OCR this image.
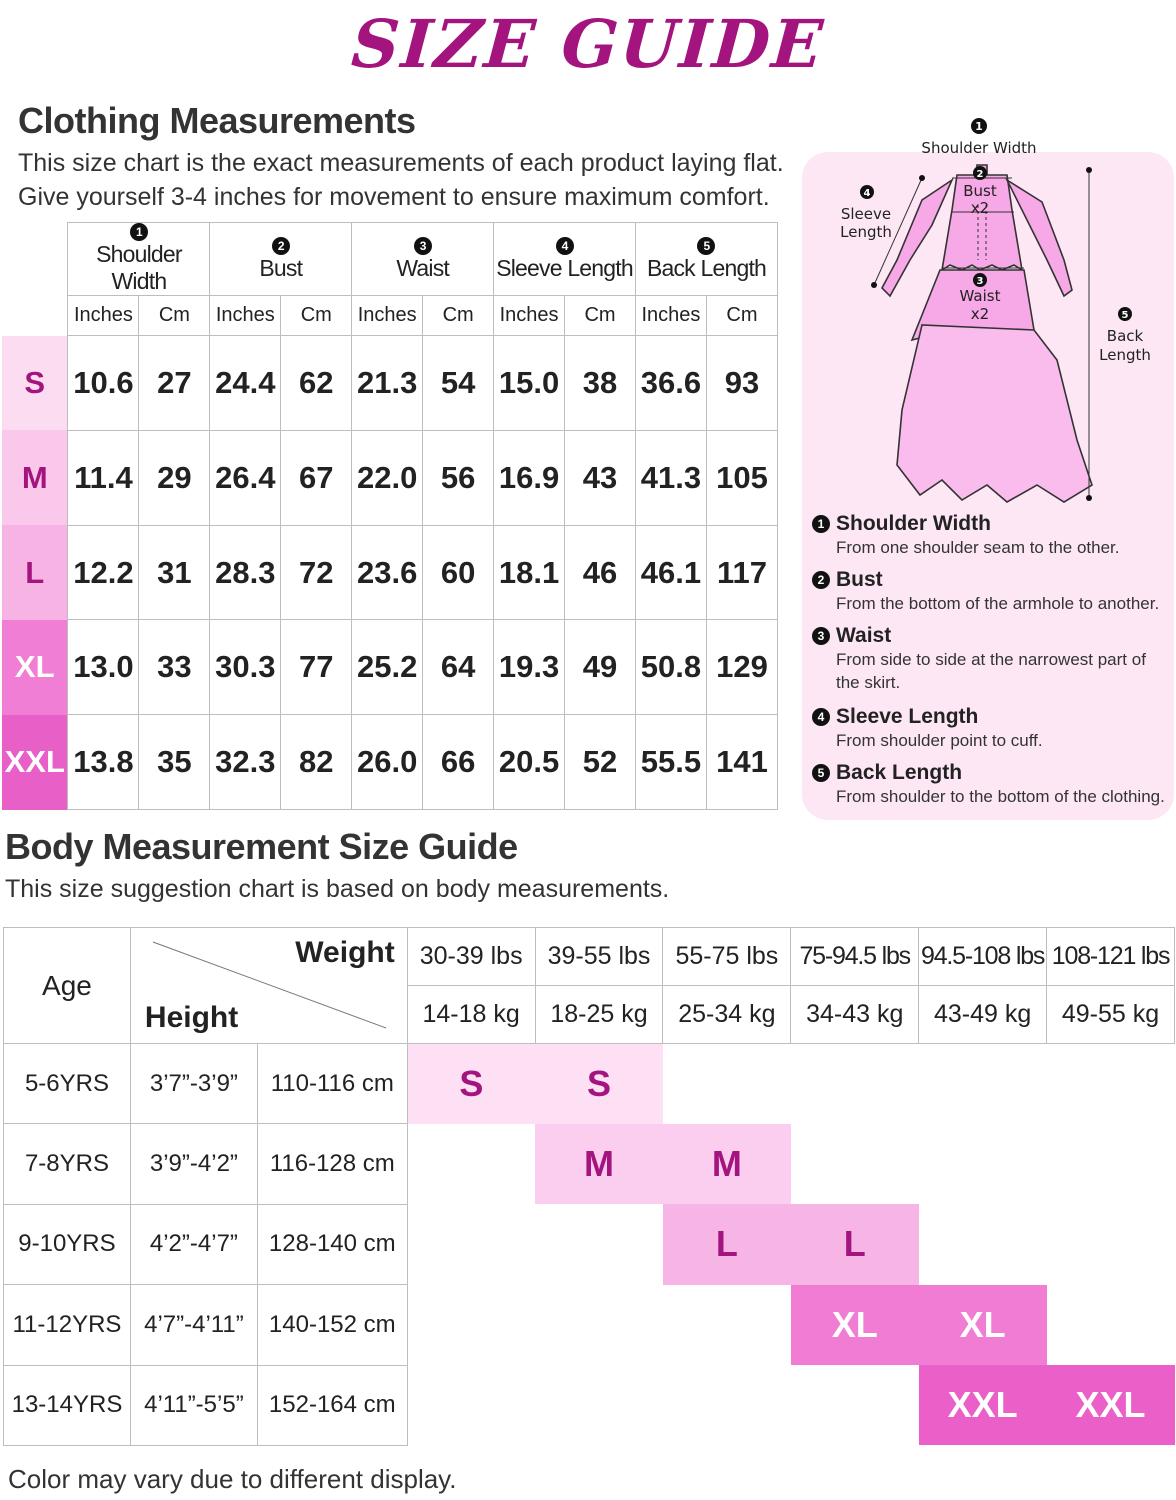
SIZE GUIDE
Clothing Measurements
This size chart is the exact measurements of each product laying flat.
Give yourself 3-4 inches for movement to ensure maximum comfort.

	1
Shoulder Width		2
Bust		3
Waist		4
Sleeve Length		5
Back Length	
	Inches	Cm	Inches	Cm	Inches	Cm	Inches	Cm	Inches	Cm
S	10.6	27	24.4	62	21.3	54	15.0	38	36.6	93
M	11.4	29	26.4	67	22.0	56	16.9	43	41.3	105
L	12.2	31	28.3	72	23.6	60	18.1	46	46.1	117
XL	13.0	33	30.3	77	25.2	64	19.3	49	50.8	129
XXL	13.8	35	32.3	82	26.0	66	20.5	52	55.5	141
1
Shoulder Width
2
Bust
x2
4
Sleeve
Length
3
Waist
x2	5
Back
Length
1 Shoulder Width
From one shoulder seam to the other.
2 Bust
From the bottom of the armhole to another.
3 Waist
From side to side at the narrowest part of the skirt.
4 Sleeve Length
From shoulder point to cuff.
5 Back Length
From shoulder to the bottom of the clothing.
Body Measurement Size Guide
This size suggestion chart is based on body measurements.
Age	Weight
Height		30-39 lbs	39-55 lbs	55-75 lbs	75-94.5 lbs	94.5-108 lbs	108-121 lbs
			14-18 kg	18-25 kg	25-34 kg	34-43 kg	43-49 kg	49-55 kg
5-6YRS	3’7”-3’9”	110-116 cm	S	S				
7-8YRS	3’9”-4’2”	116-128 cm		M	M			
9-10YRS	4’2”-4’7”	128-140 cm			L	L		
11-12YRS	4’7”-4’11”	140-152 cm				XL	XL	
13-14YRS	4’11”-5’5”	152-164 cm					XXL	XXL
Color may vary due to different display.
